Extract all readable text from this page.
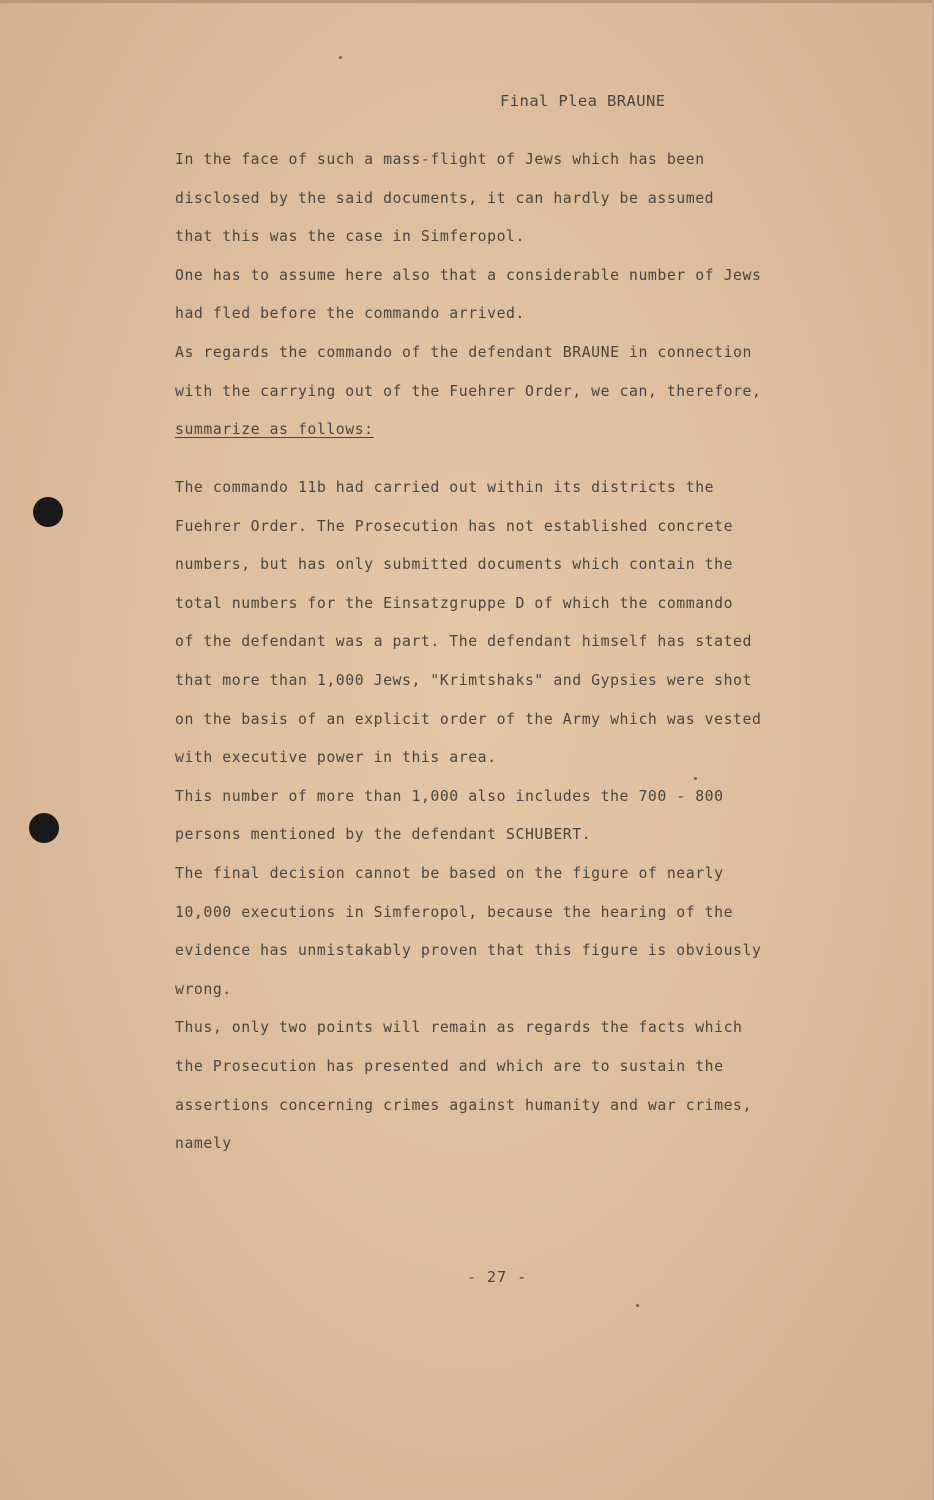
Final Plea BRAUNE
In the face of such a mass-flight of Jews which has been
disclosed by the said documents, it can hardly be assumed
that this was the case in Simferopol.
One has to assume here also that a considerable number of Jews
had fled before the commando arrived.
As regards the commando of the defendant BRAUNE in connection
with the carrying out of the Fuehrer Order, we can, therefore,
summarize as follows:
The commando 11b had carried out within its districts the
Fuehrer Order. The Prosecution has not established concrete
numbers, but has only submitted documents which contain the
total numbers for the Einsatzgruppe D of which the commando
of the defendant was a part. The defendant himself has stated
that more than 1,000 Jews, "Krimtshaks" and Gypsies were shot
on the basis of an explicit order of the Army which was vested
with executive power in this area.
This number of more than 1,000 also includes the 700 - 800
persons mentioned by the defendant SCHUBERT.
The final decision cannot be based on the figure of nearly
10,000 executions in Simferopol, because the hearing of the
evidence has unmistakably proven that this figure is obviously
wrong.
Thus, only two points will remain as regards the facts which
the Prosecution has presented and which are to sustain the
assertions concerning crimes against humanity and war crimes,
namely
- 27 -
